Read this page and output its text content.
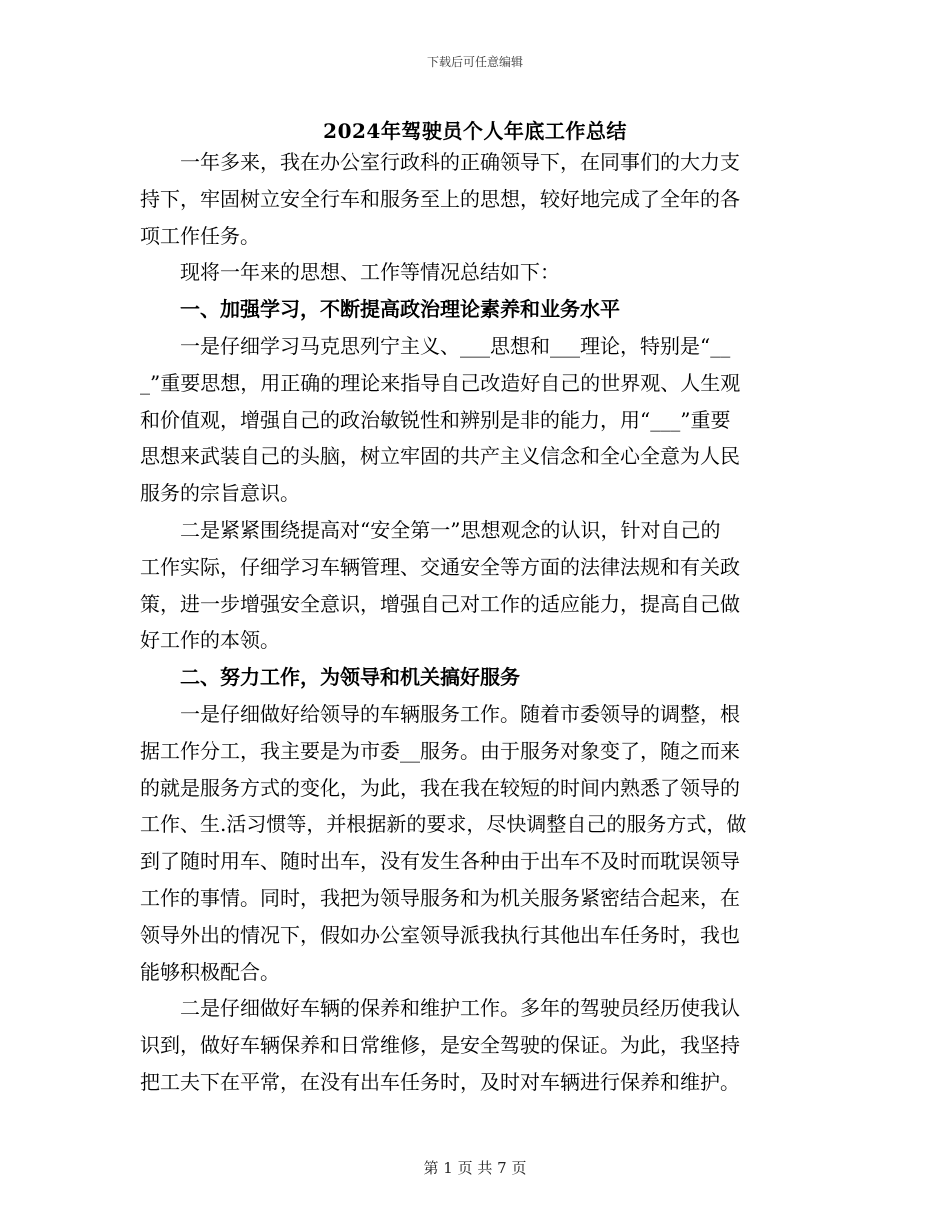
下载后可任意编辑
2024年驾驶员个人年底工作总结

一年多来，我在办公室行政科的正确领导下，在同事们的大力支
持下，牢固树立安全行车和服务至上的思想，较好地完成了全年的各
项工作任务。

现将一年来的思想、工作等情况总结如下：

一、加强学习，不断提高政治理论素养和业务水平

一是仔细学习马克思列宁主义、___思想和___理论，特别是“__
_”重要思想，用正确的理论来指导自己改造好自己的世界观、人生观
和价值观，增强自己的政治敏锐性和辨别是非的能力，用“___”重要
思想来武装自己的头脑，树立牢固的共产主义信念和全心全意为人民
服务的宗旨意识。

二是紧紧围绕提高对“安全第一”思想观念的认识，针对自己的
工作实际，仔细学习车辆管理、交通安全等方面的法律法规和有关政
策，进一步增强安全意识，增强自己对工作的适应能力，提高自己做
好工作的本领。

二、努力工作，为领导和机关搞好服务

一是仔细做好给领导的车辆服务工作。随着市委领导的调整，根
据工作分工，我主要是为市委__服务。由于服务对象变了，随之而来
的就是服务方式的变化，为此，我在我在较短的时间内熟悉了领导的
工作、生.活习惯等，并根据新的要求，尽快调整自己的服务方式，做
到了随时用车、随时出车，没有发生各种由于出车不及时而耽误领导
工作的事情。同时，我把为领导服务和为机关服务紧密结合起来，在
领导外出的情况下，假如办公室领导派我执行其他出车任务时，我也
能够积极配合。

二是仔细做好车辆的保养和维护工作。多年的驾驶员经历使我认
识到，做好车辆保养和日常维修，是安全驾驶的保证。为此，我坚持
把工夫下在平常，在没有出车任务时，及时对车辆进行保养和维护。

第 1 页 共 7 页
